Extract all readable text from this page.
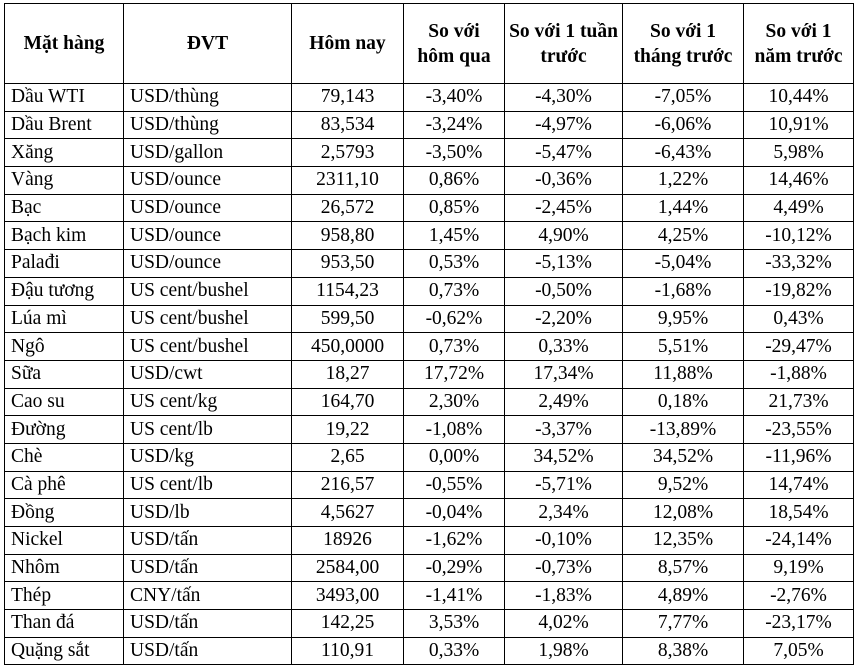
Mặt hàng	ĐVT	Hôm nay	So với hôm qua	So với 1 tuần trước	So với 1 tháng trước	So với 1 năm trước
Dầu WTI	USD/thùng	79,143	-3,40%	-4,30%	-7,05%	10,44%
Dầu Brent	USD/thùng	83,534	-3,24%	-4,97%	-6,06%	10,91%
Xăng	USD/gallon	2,5793	-3,50%	-5,47%	-6,43%	5,98%
Vàng	USD/ounce	2311,10	0,86%	-0,36%	1,22%	14,46%
Bạc	USD/ounce	26,572	0,85%	-2,45%	1,44%	4,49%
Bạch kim	USD/ounce	958,80	1,45%	4,90%	4,25%	-10,12%
Palađi	USD/ounce	953,50	0,53%	-5,13%	-5,04%	-33,32%
Đậu tương	US cent/bushel	1154,23	0,73%	-0,50%	-1,68%	-19,82%
Lúa mì	US cent/bushel	599,50	-0,62%	-2,20%	9,95%	0,43%
Ngô	US cent/bushel	450,0000	0,73%	0,33%	5,51%	-29,47%
Sữa	USD/cwt	18,27	17,72%	17,34%	11,88%	-1,88%
Cao su	US cent/kg	164,70	2,30%	2,49%	0,18%	21,73%
Đường	US cent/lb	19,22	-1,08%	-3,37%	-13,89%	-23,55%
Chè	USD/kg	2,65	0,00%	34,52%	34,52%	-11,96%
Cà phê	US cent/lb	216,57	-0,55%	-5,71%	9,52%	14,74%
Đồng	USD/lb	4,5627	-0,04%	2,34%	12,08%	18,54%
Nickel	USD/tấn	18926	-1,62%	-0,10%	12,35%	-24,14%
Nhôm	USD/tấn	2584,00	-0,29%	-0,73%	8,57%	9,19%
Thép	CNY/tấn	3493,00	-1,41%	-1,83%	4,89%	-2,76%
Than đá	USD/tấn	142,25	3,53%	4,02%	7,77%	-23,17%
Quặng sắt	USD/tấn	110,91	0,33%	1,98%	8,38%	7,05%
